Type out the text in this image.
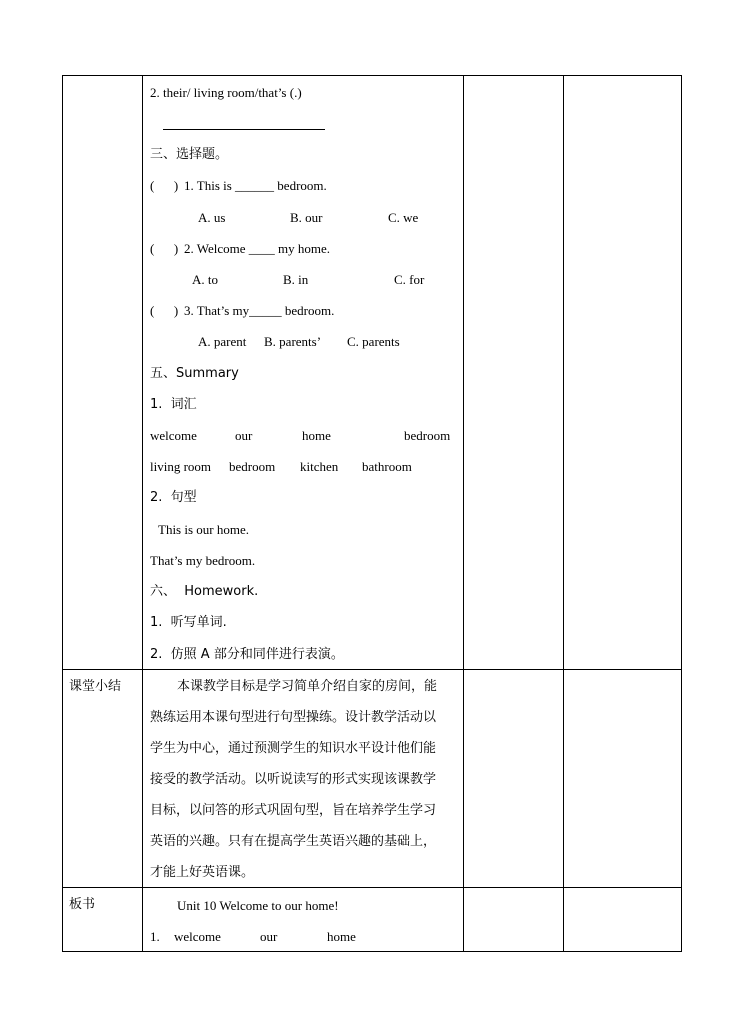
2. their/ living room/that’s (.)
三、选择题。
(      ) 1. This is ______ bedroom.
A. us	B. our	C. we
(      ) 2. Welcome ____ my home.
A. to	B. in	C. for
(      ) 3. That’s my_____ bedroom.
A. parent B. parents’ C. parents
五、Summary
1.  词汇
welcome	our	home	bedroom
living room bedroom kitchen bathroom
2.  句型
This is our home.
That’s my bedroom.
六、  Homework.
1.  听写单词.
2.  仿照 A 部分和同伴进行表演。
课堂小结	本课教学目标是学习简单介绍自家的房间，能
熟练运用本课句型进行句型操练。设计教学活动以
学生为中心，通过预测学生的知识水平设计他们能
接受的教学活动。以听说读写的形式实现该课教学
目标，以问答的形式巩固句型，旨在培养学生学习
英语的兴趣。只有在提高学生英语兴趣的基础上，
才能上好英语课。
板书	Unit 10 Welcome to our home!
1. welcome	our	home
